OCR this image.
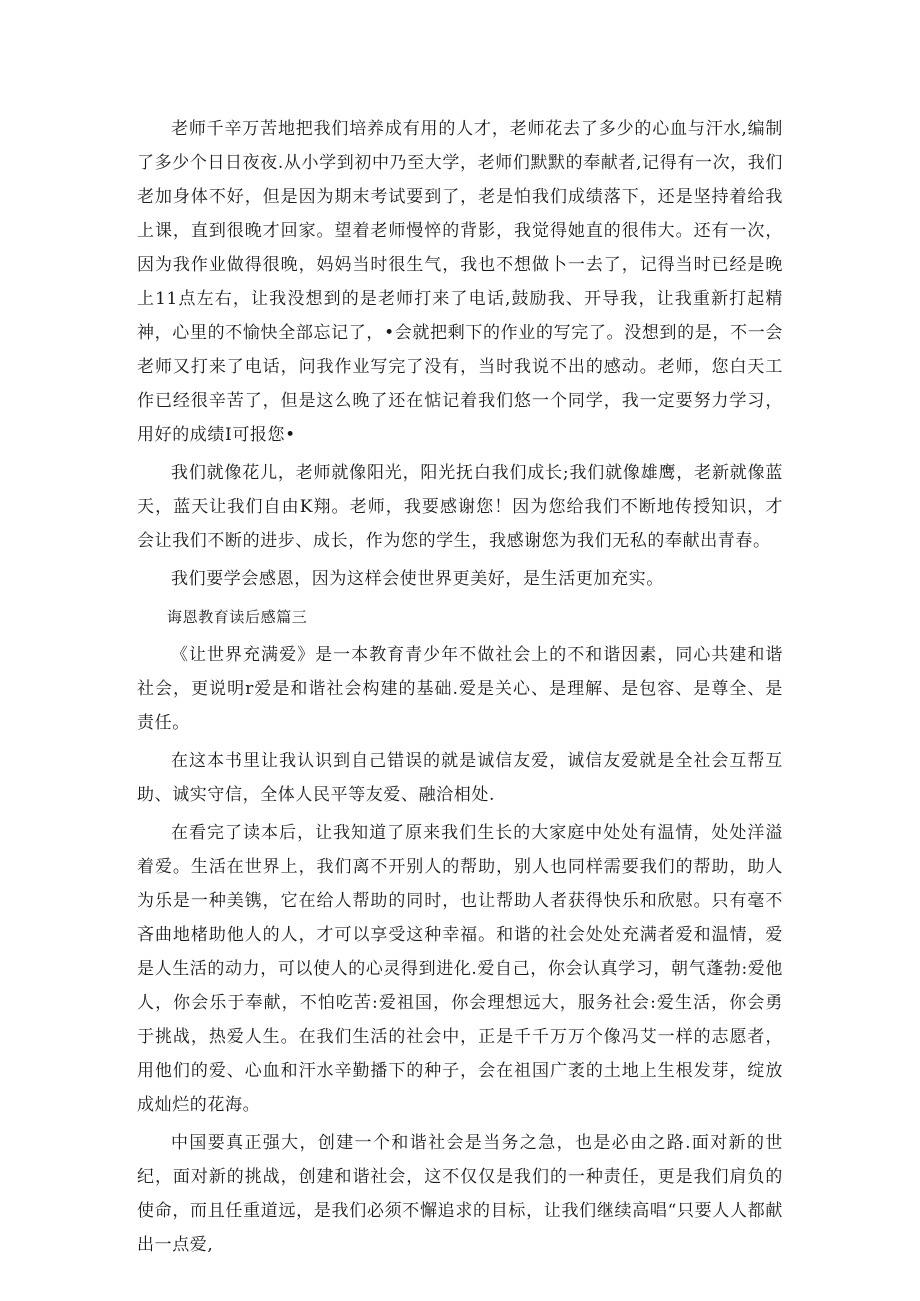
老师千辛万苦地把我们培养成有用的人才，老师花去了多少的心血与汗水,编制了多少个日日夜夜.从小学到初中乃至大学，老师们默默的奉献者,记得有一次，我们老加身体不好，但是因为期末考试要到了，老是怕我们成绩落下，还是坚持着给我上课，直到很晚才回家。望着老师慢悴的背影，我觉得她直的很伟大。还有一次，因为我作业做得很晚，妈妈当时很生气，我也不想做卜一去了，记得当时已经是晚上11点左右，让我没想到的是老师打来了电话,鼓励我、开导我，让我重新打起精神，心里的不愉快全部忘记了，•会就把剩下的作业的写完了。没想到的是，不一会老师又打来了电话，问我作业写完了没有，当时我说不出的感动。老师，您白天工作已经很辛苦了，但是这么晚了还在惦记着我们悠一个同学，我一定要努力学习，用好的成绩I可报您•

我们就像花儿，老师就像阳光，阳光抚白我们成长;我们就像雄鹰，老新就像蓝天，蓝天让我们自由K翔。老师，我要感谢您！因为您给我们不断地传授知识，才会让我们不断的进步、成长，作为您的学生，我感谢您为我们无私的奉献出青春。

我们要学会感恩，因为这样会使世界更美好，是生活更加充实。

诲恩教育读后感篇三

《让世界充满爱》是一本教育青少年不做社会上的不和谐因素，同心共建和谐社会，更说明r爱是和谐社会构建的基础.爱是关心、是理解、是包容、是尊全、是责任。

在这本书里让我认识到自己错误的就是诚信友爱，诚信友爱就是全社会互帮互助、诚实守信，全体人民平等友爱、融洽相处.

在看完了读本后，让我知道了原来我们生长的大家庭中处处有温情，处处洋溢着爱。生活在世界上，我们离不开别人的帮助，别人也同样需要我们的帮助，助人为乐是一种美镌，它在给人帮助的同时，也让帮助人者获得快乐和欣慰。只有毫不吝曲地楮助他人的人，才可以享受这种幸福。和谐的社会处处充满者爱和温情，爱是人生活的动力，可以使人的心灵得到进化.爱自己，你会认真学习，朝气蓬勃:爱他人，你会乐于奉献，不怕吃苦:爱祖国，你会理想远大，服务社会:爱生活，你会勇于挑战，热爱人生。在我们生活的社会中，正是千千万万个像冯艾一样的志愿者，用他们的爱、心血和汗水辛勤播下的种子，会在祖国广袤的土地上生根发芽，绽放成灿烂的花海。

中国要真正强大，创建一个和谐社会是当务之急，也是必由之路.面对新的世纪，面对新的挑战，创建和谐社会，这不仅仅是我们的一种责任，更是我们肩负的使命，而且任重道远，是我们必须不懈追求的目标，让我们继续高唱“只要人人都献出一点爱,
